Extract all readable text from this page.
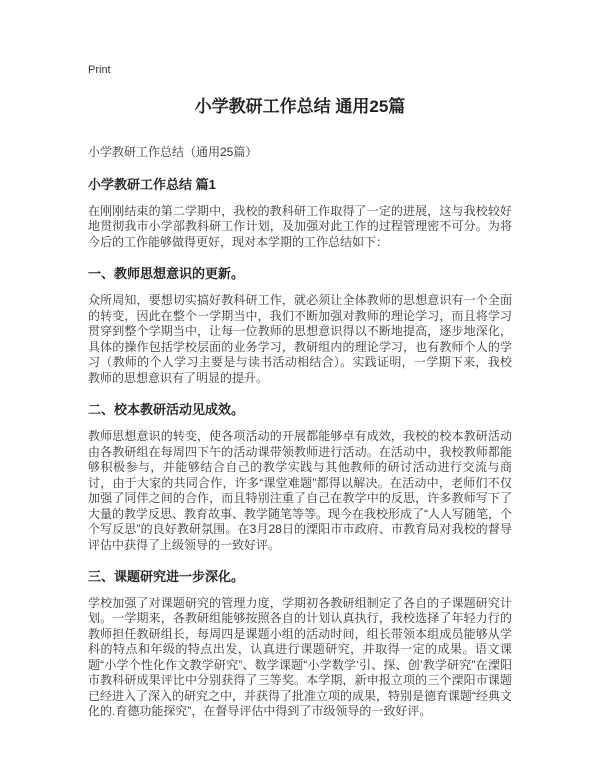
Print
小学教研工作总结 通用25篇

小学教研工作总结（通用25篇）

小学教研工作总结 篇1

在刚刚结束的第二学期中，我校的教科研工作取得了一定的进展，这与我校较好地贯彻我市小学部教科研工作计划，及加强对此工作的过程管理密不可分。为将今后的工作能够做得更好，现对本学期的工作总结如下：

一、教师思想意识的更新。

众所周知，要想切实搞好教科研工作，就必须让全体教师的思想意识有一个全面的转变，因此在整个一学期当中，我们不断加强对教师的理论学习，而且将学习贯穿到整个学期当中，让每一位教师的思想意识得以不断地提高，逐步地深化，具体的操作包括学校层面的业务学习，教研组内的理论学习，也有教师个人的学习（教师的个人学习主要是与读书活动相结合）。实践证明，一学期下来，我校教师的思想意识有了明显的提升。

二、校本教研活动见成效。

教师思想意识的转变，使各项活动的开展都能够卓有成效，我校的校本教研活动由各教研组在每周四下午的活动课带领教师进行活动。在活动中，我校教师都能够积极参与，并能够结合自己的教学实践与其他教师的研讨活动进行交流与商讨，由于大家的共同合作，许多“课堂难题”都得以解决。在活动中，老师们不仅加强了同伴之间的合作，而且特别注重了自己在教学中的反思，许多教师写下了大量的教学反思、教育故事、教学随笔等等。现今在我校形成了“人人写随笔，个个写反思”的良好教研氛围。在3月28日的溧阳市市政府、市教育局对我校的督导评估中获得了上级领导的一致好评。

三、课题研究进一步深化。

学校加强了对课题研究的管理力度，学期初各教研组制定了各自的子课题研究计划。一学期来，各教研组能够按照各自的计划认真执行，我校选择了年轻力行的教师担任教研组长，每周四是课题小组的活动时间，组长带领本组成员能够从学科的特点和年级的特点出发，认真进行课题研究，并取得一定的成果。语文课题“小学个性化作文教学研究”、数学课题“小学数学‘引、探、创’教学研究”在溧阳市教科研成果评比中分别获得了三等奖。本学期，新申报立项的三个溧阳市课题已经进入了深入的研究之中，并获得了批准立项的成果，特别是德育课题“经典文化的.育德功能探究”，在督导评估中得到了市级领导的一致好评。
